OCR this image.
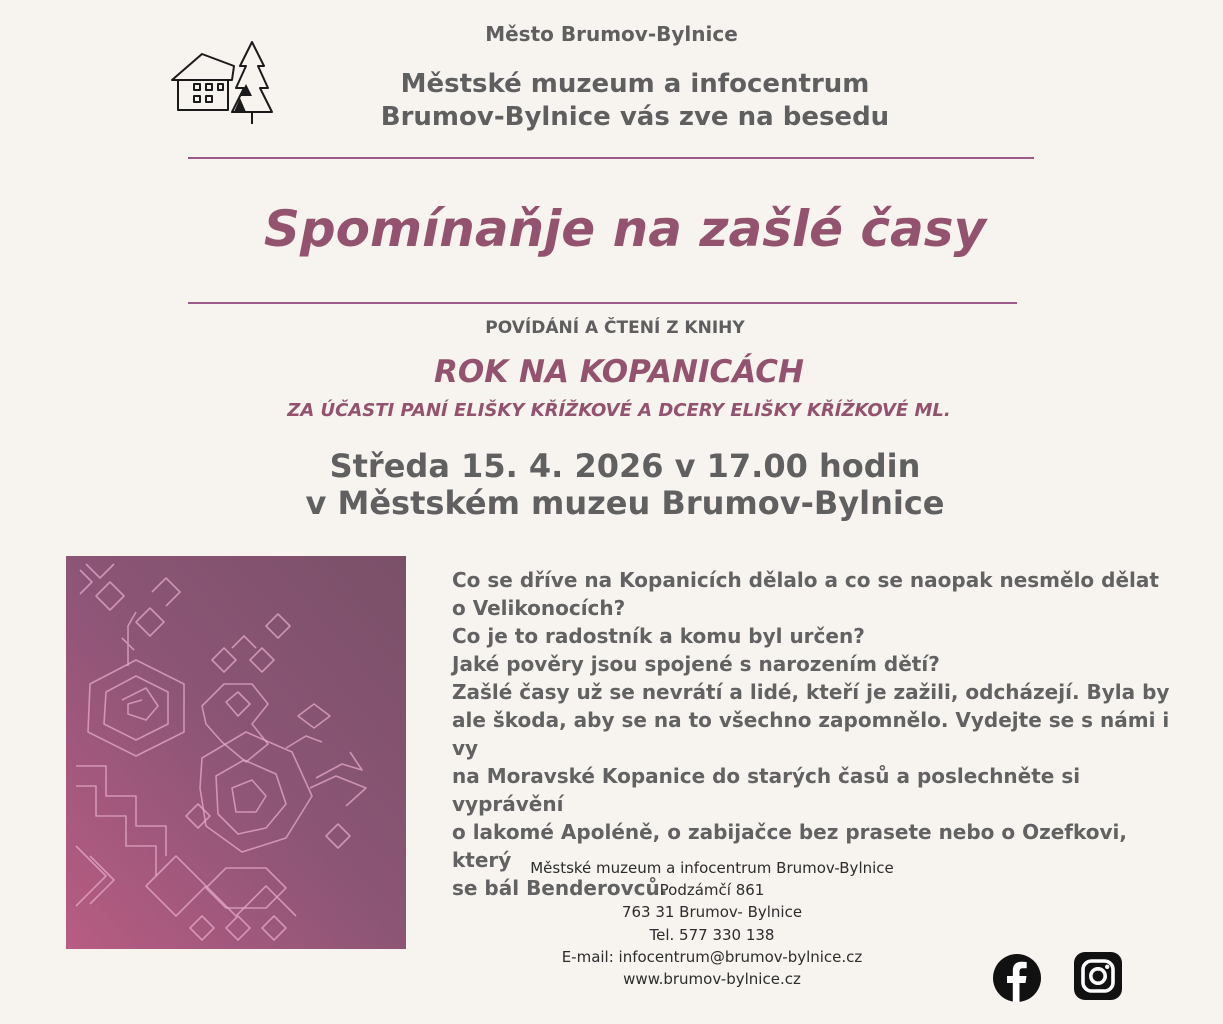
Město Brumov-Bylnice
Městské muzeum a infocentrum
Brumov-Bylnice vás zve na besedu
Spomínaňje na zašlé časy
POVÍDÁNÍ A ČTENÍ Z KNIHY
ROK NA KOPANICÁCH
ZA ÚČASTI PANÍ ELIŠKY KŘÍŽKOVÉ A DCERY ELIŠKY KŘÍŽKOVÉ ML.
Středa 15. 4. 2026 v 17.00 hodin
v Městském muzeu Brumov-Bylnice

Co se dříve na Kopanicích dělalo a co se naopak nesmělo dělat

o Velikonocích?

Co je to radostník a komu byl určen?

Jaké pověry jsou spojené s narozením dětí?

Zašlé časy už se nevrátí a lidé, kteří je zažili, odcházejí. Byla by

ale škoda, aby se na to všechno zapomnělo. Vydejte se s námi i vy

na Moravské Kopanice do starých časů a poslechněte si vyprávění

o lakomé Apoléně, o zabijačce bez prasete nebo o Ozefkovi, který

se bál Benderovců.

Městské muzeum a infocentrum Brumov-Bylnice
Podzámčí 861
763 31 Brumov- Bylnice
Tel. 577 330 138
E-mail: infocentrum@brumov-bylnice.cz
www.brumov-bylnice.cz
